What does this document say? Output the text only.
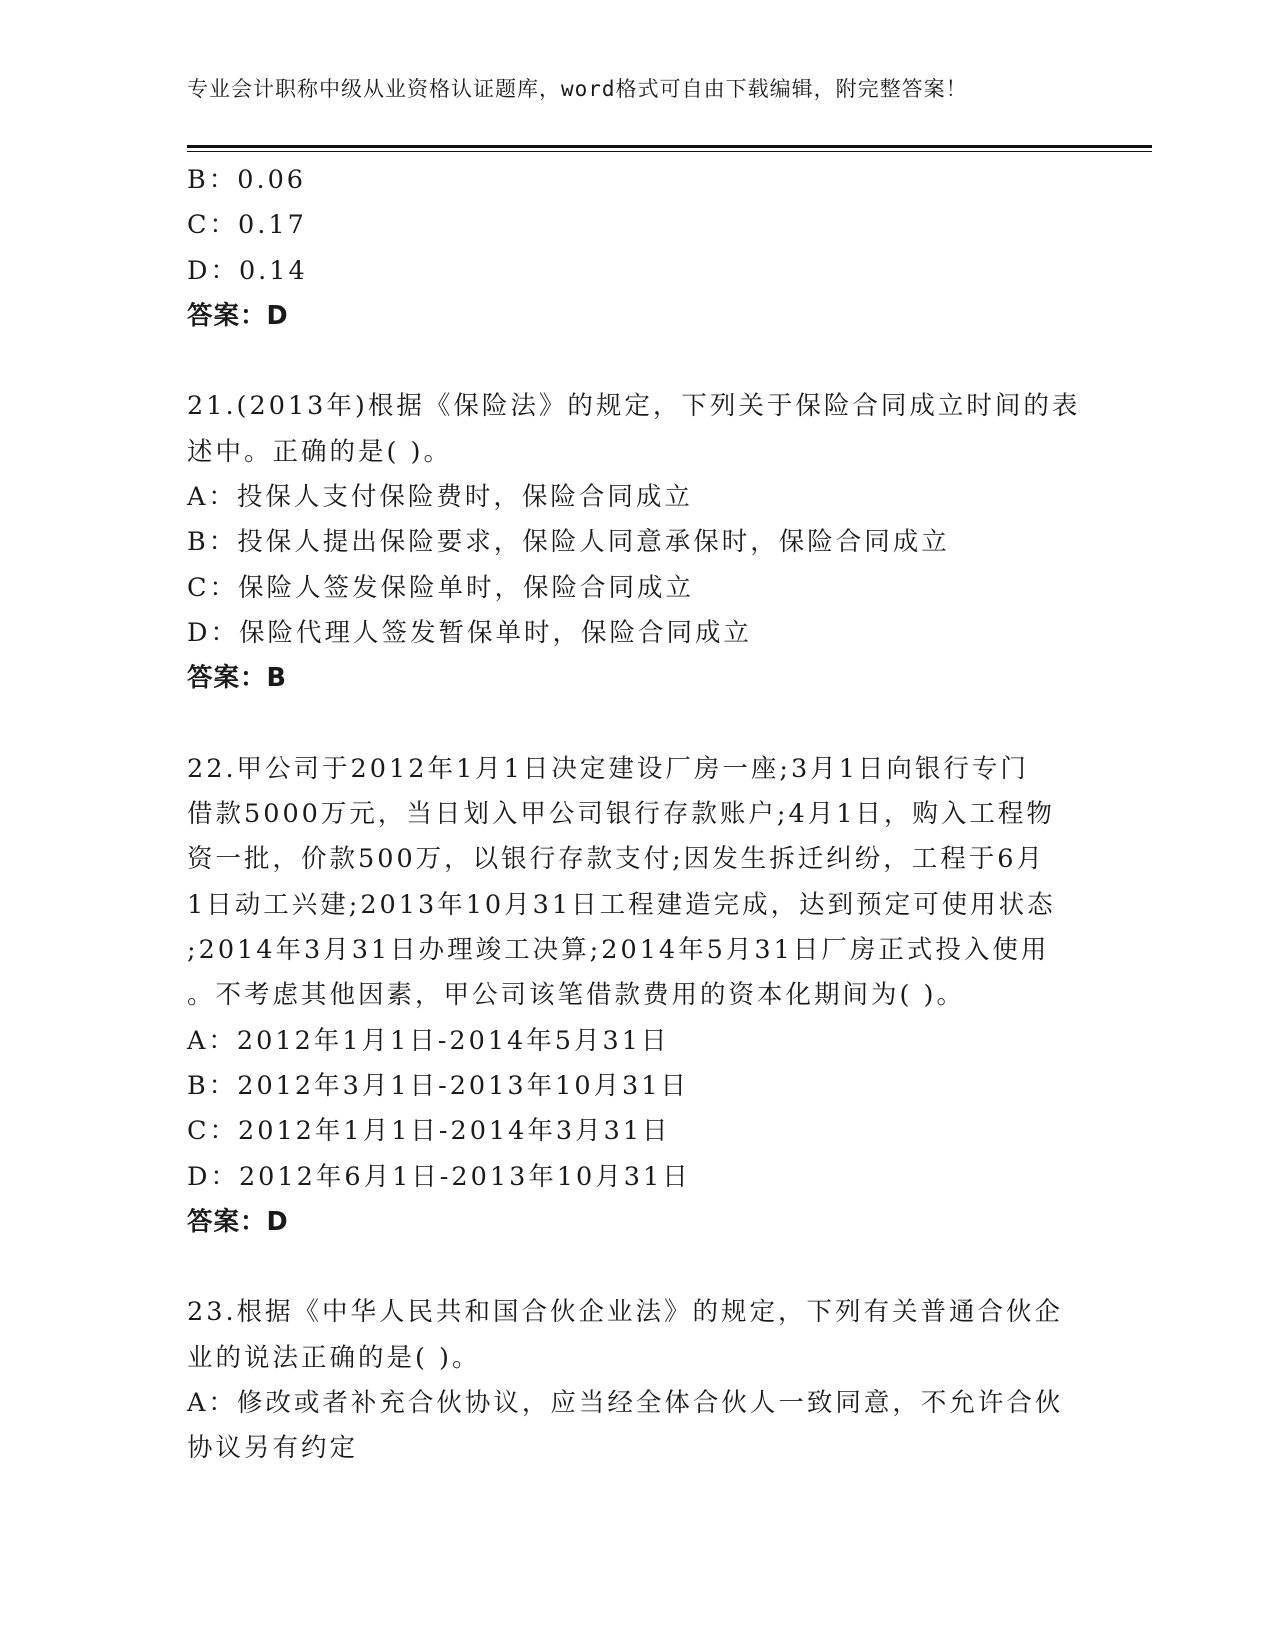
专业会计职称中级从业资格认证题库，word格式可自由下载编辑，附完整答案！
B：0.06
C：0.17
D：0.14
答案：D
21.(2013年)根据《保险法》的规定，下列关于保险合同成立时间的表
述中。正确的是( )。
A：投保人支付保险费时，保险合同成立
B：投保人提出保险要求，保险人同意承保时，保险合同成立
C：保险人签发保险单时，保险合同成立
D：保险代理人签发暂保单时，保险合同成立
答案：B
22.甲公司于2012年1月1日决定建设厂房一座;3月1日向银行专门
借款5000万元，当日划入甲公司银行存款账户;4月1日，购入工程物
资一批，价款500万，以银行存款支付;因发生拆迁纠纷，工程于6月
1日动工兴建;2013年10月31日工程建造完成，达到预定可使用状态
;2014年3月31日办理竣工决算;2014年5月31日厂房正式投入使用
。不考虑其他因素，甲公司该笔借款费用的资本化期间为( )。
A：2012年1月1日-2014年5月31日
B：2012年3月1日-2013年10月31日
C：2012年1月1日-2014年3月31日
D：2012年6月1日-2013年10月31日
答案：D
23.根据《中华人民共和国合伙企业法》的规定，下列有关普通合伙企
业的说法正确的是( )。
A：修改或者补充合伙协议，应当经全体合伙人一致同意，不允许合伙
协议另有约定
